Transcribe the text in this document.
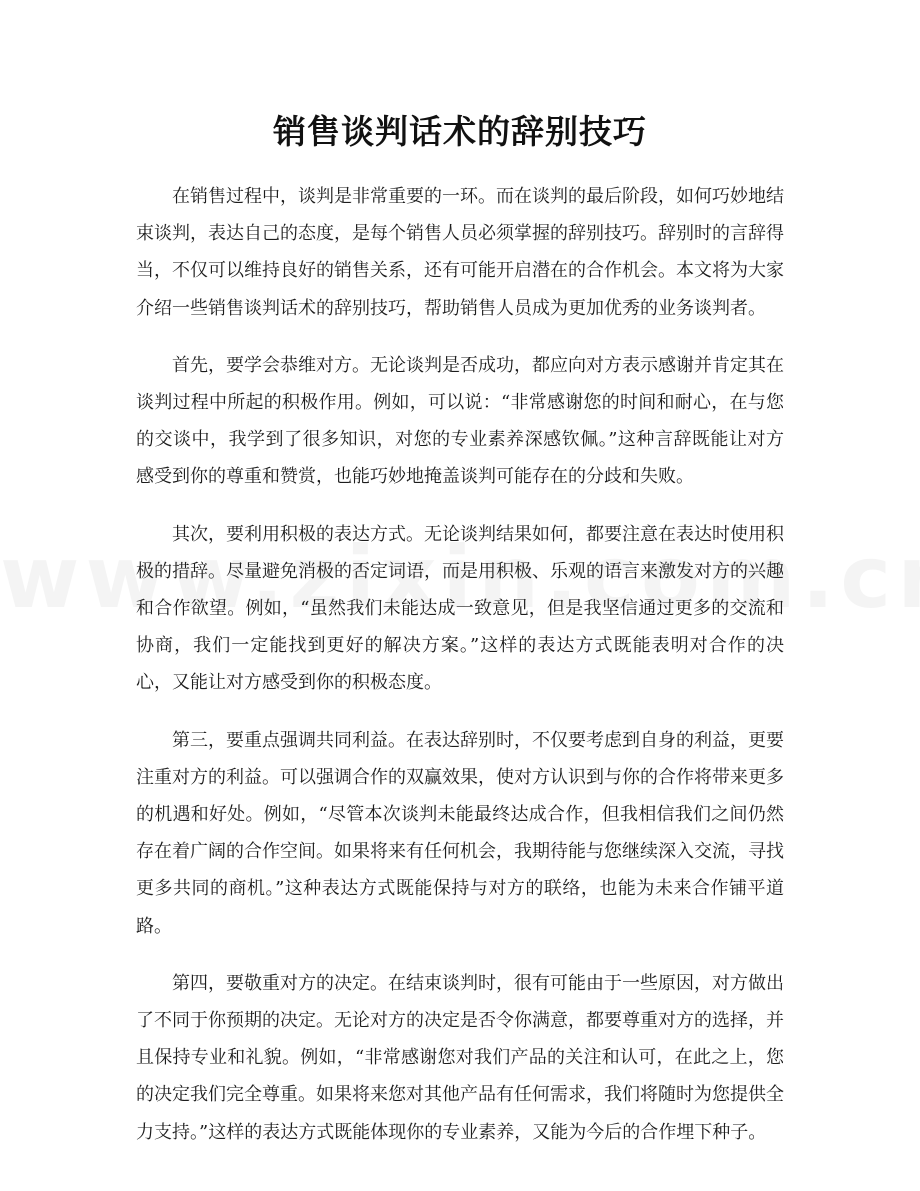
销售谈判话术的辞别技巧

在销售过程中，谈判是非常重要的一环。而在谈判的最后阶段，如何巧妙地结束谈判，表达自己的态度，是每个销售人员必须掌握的辞别技巧。辞别时的言辞得当，不仅可以维持良好的销售关系，还有可能开启潜在的合作机会。本文将为大家介绍一些销售谈判话术的辞别技巧，帮助销售人员成为更加优秀的业务谈判者。

首先，要学会恭维对方。无论谈判是否成功，都应向对方表示感谢并肯定其在谈判过程中所起的积极作用。例如，可以说：“非常感谢您的时间和耐心，在与您的交谈中，我学到了很多知识，对您的专业素养深感钦佩。”这种言辞既能让对方感受到你的尊重和赞赏，也能巧妙地掩盖谈判可能存在的分歧和失败。

其次，要利用积极的表达方式。无论谈判结果如何，都要注意在表达时使用积极的措辞。尽量避免消极的否定词语，而是用积极、乐观的语言来激发对方的兴趣和合作欲望。例如，“虽然我们未能达成一致意见，但是我坚信通过更多的交流和协商，我们一定能找到更好的解决方案。”这样的表达方式既能表明对合作的决心，又能让对方感受到你的积极态度。

第三，要重点强调共同利益。在表达辞别时，不仅要考虑到自身的利益，更要注重对方的利益。可以强调合作的双赢效果，使对方认识到与你的合作将带来更多的机遇和好处。例如，“尽管本次谈判未能最终达成合作，但我相信我们之间仍然存在着广阔的合作空间。如果将来有任何机会，我期待能与您继续深入交流，寻找更多共同的商机。”这种表达方式既能保持与对方的联络，也能为未来合作铺平道路。

第四，要敬重对方的决定。在结束谈判时，很有可能由于一些原因，对方做出了不同于你预期的决定。无论对方的决定是否令你满意，都要尊重对方的选择，并且保持专业和礼貌。例如，“非常感谢您对我们产品的关注和认可，在此之上，您的决定我们完全尊重。如果将来您对其他产品有任何需求，我们将随时为您提供全力支持。”这样的表达方式既能体现你的专业素养，又能为今后的合作埋下种子。
